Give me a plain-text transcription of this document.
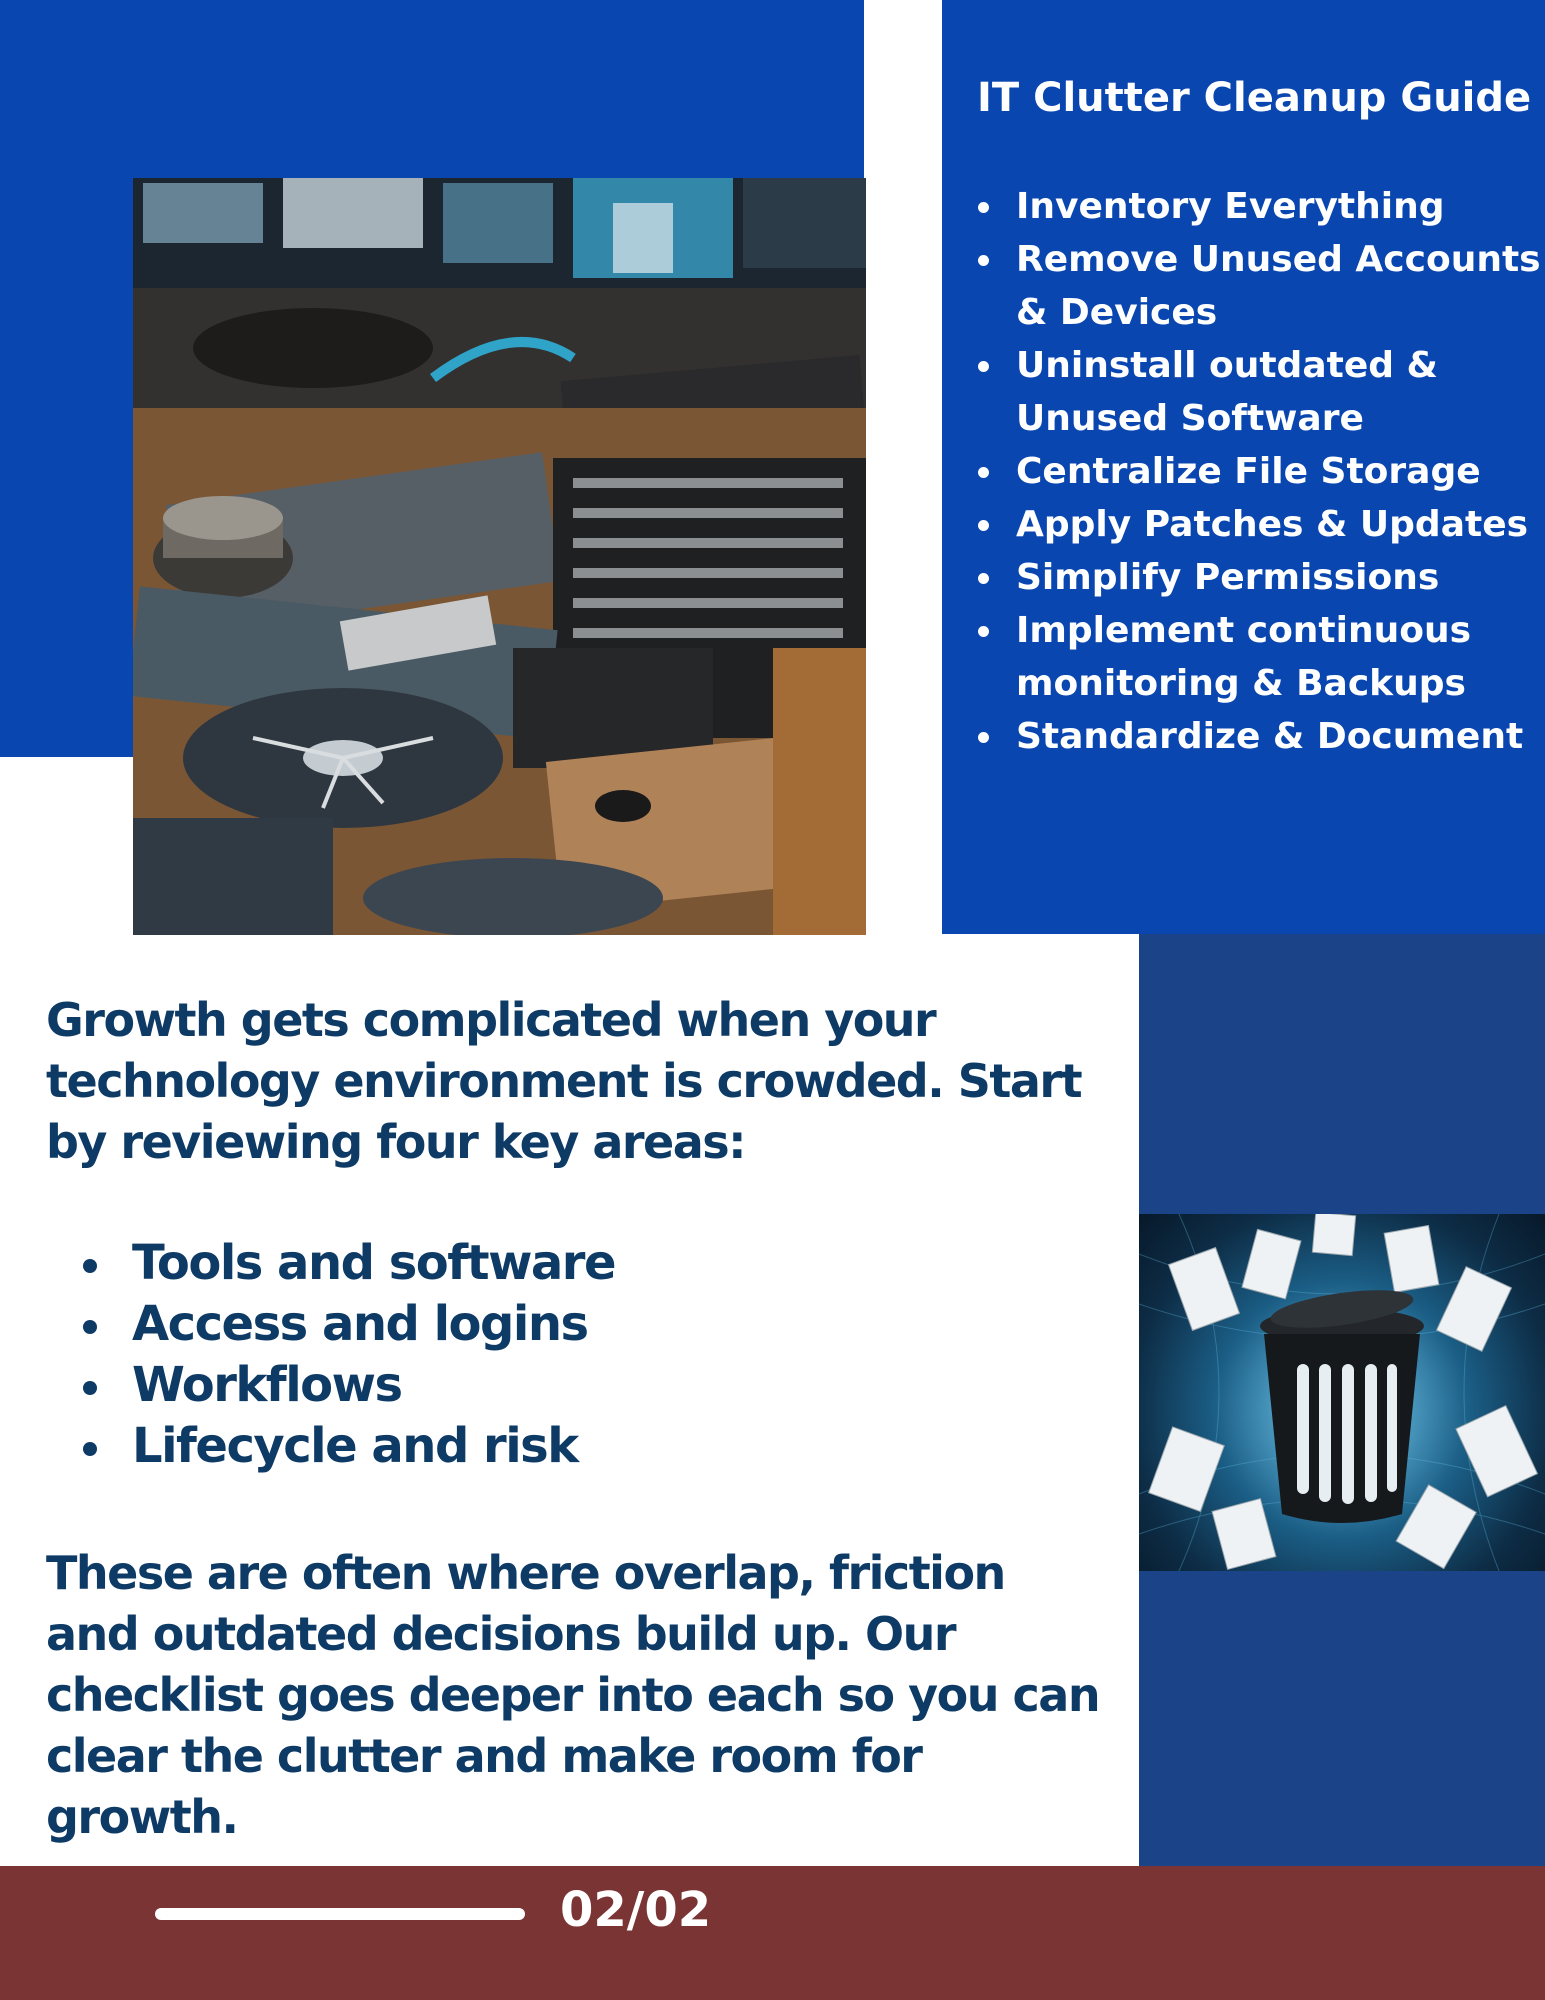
IT Clutter Cleanup Guide
Inventory Everything
Remove Unused Accounts & Devices
Uninstall outdated & Unused Software
Centralize File Storage
Apply Patches & Updates
Simplify Permissions
Implement continuous monitoring & Backups
Standardize & Document

Growth gets complicated when your technology environment is crowded. Start by reviewing four key areas:

Tools and software
Access and logins
Workflows
Lifecycle and risk

These are often where overlap, friction and outdated decisions build up. Our checklist goes deeper into each so you can clear the clutter and make room for growth.

02/02
